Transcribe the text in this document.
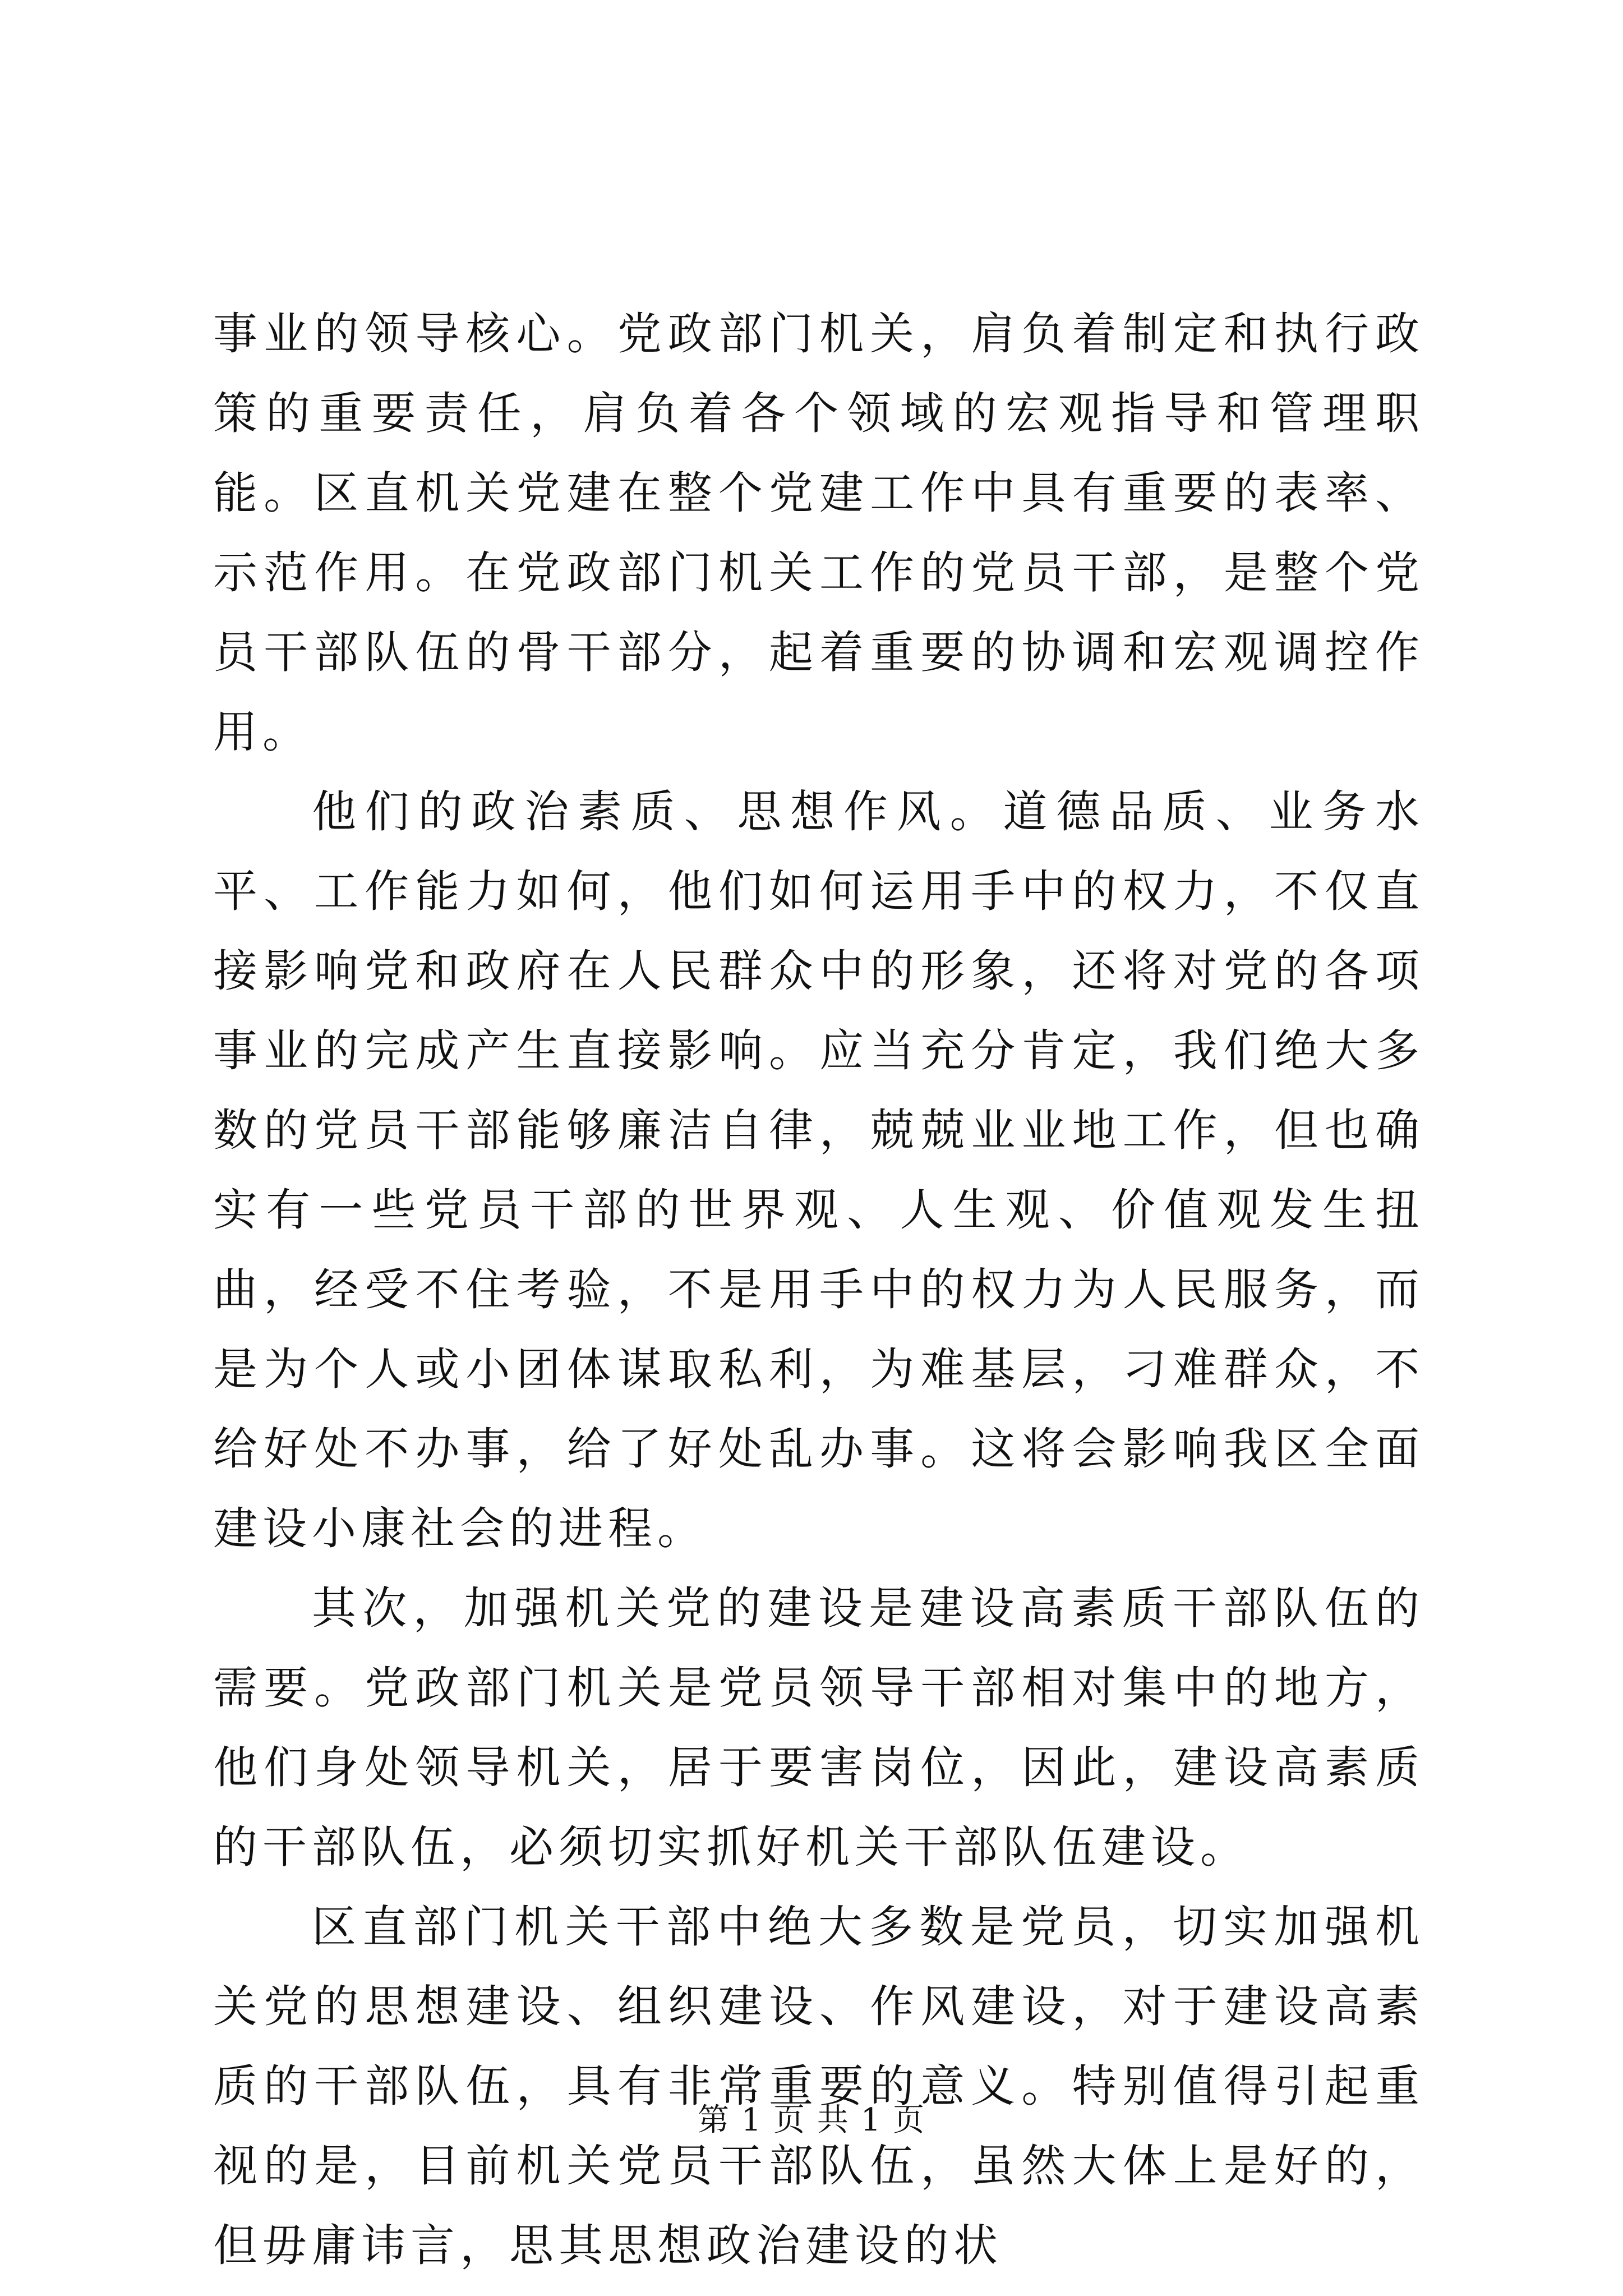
事业的领导核心。党政部门机关，肩负着制定和执行政策的重要责任，肩负着各个领域的宏观指导和管理职能。区直机关党建在整个党建工作中具有重要的表率、示范作用。在党政部门机关工作的党员干部，是整个党员干部队伍的骨干部分，起着重要的协调和宏观调控作用。

他们的政治素质、思想作风。道德品质、业务水平、工作能力如何，他们如何运用手中的权力，不仅直接影响党和政府在人民群众中的形象，还将对党的各项事业的完成产生直接影响。应当充分肯定，我们绝大多数的党员干部能够廉洁自律，兢兢业业地工作，但也确实有一些党员干部的世界观、人生观、价值观发生扭曲，经受不住考验，不是用手中的权力为人民服务，而是为个人或小团体谋取私利，为难基层，刁难群众，不给好处不办事，给了好处乱办事。这将会影响我区全面建设小康社会的进程。

其次，加强机关党的建设是建设高素质干部队伍的需要。党政部门机关是党员领导干部相对集中的地方，他们身处领导机关，居于要害岗位，因此，建设高素质的干部队伍，必须切实抓好机关干部队伍建设。

区直部门机关干部中绝大多数是党员，切实加强机关党的思想建设、组织建设、作风建设，对于建设高素质的干部队伍，具有非常重要的意义。特别值得引起重视的是，目前机关党员干部队伍，虽然大体上是好的，但毋庸讳言，思其思想政治建设的状

第 1 页 共 1 页
